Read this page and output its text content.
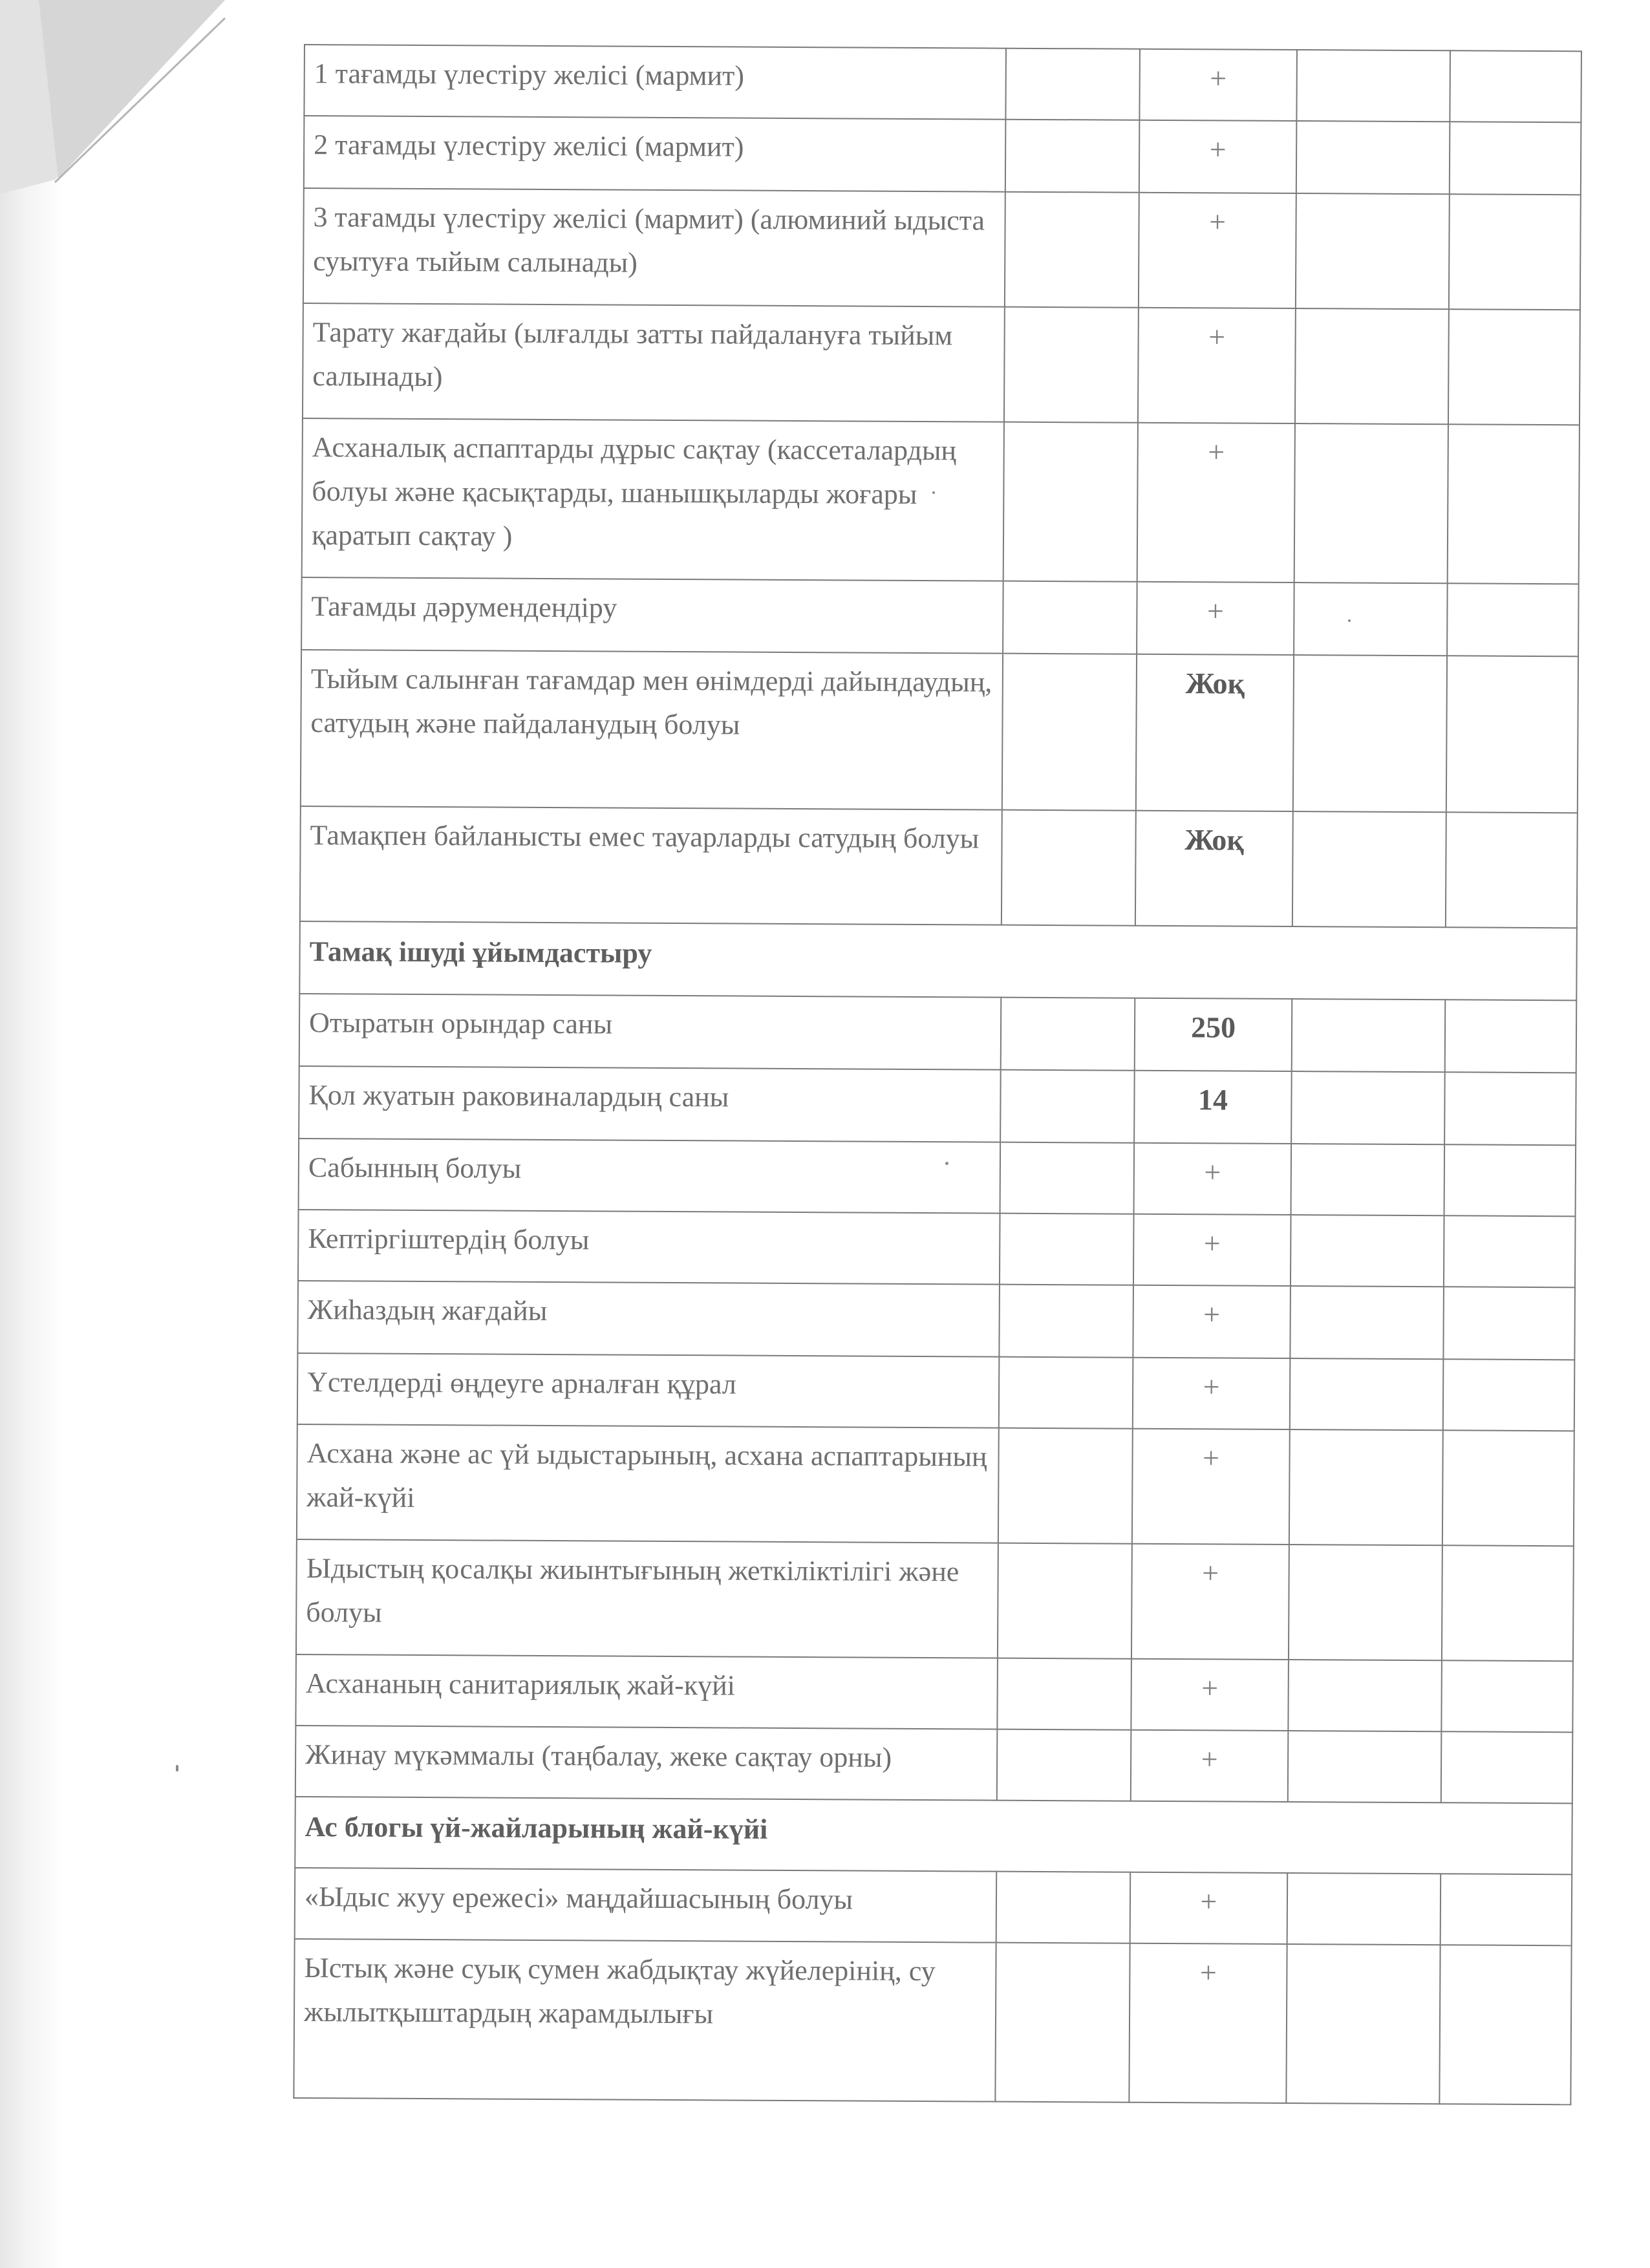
1 тағамды үлестіру желісі (мармит)		+		
2 тағамды үлестіру желісі (мармит)		+		
3 тағамды үлестіру желісі (мармит) (алюминий ыдыста суытуға тыйым салынады)		+		
Тарату жағдайы (ылғалды затты пайдалануға тыйым салынады)		+		
Асханалық аспаптарды дұрыс сақтау (кассеталардың болуы және қасықтарды, шанышқыларды жоғары қаратып сақтау )		+		
Тағамды дәрумендендіру		+		
Тыйым салынған тағамдар мен өнімдерді дайындаудың, сатудың және пайдаланудың болуы		Жоқ		
Тамақпен байланысты емес тауарларды сатудың болуы		Жоқ		
Тамақ ішуді ұйымдастыру				
Отыратын орындар саны		250		
Қол жуатын раковиналардың саны		14		
Сабынның болуы		+		
Кептіргіштердің болуы		+		
Жиһаздың жағдайы		+		
Үстелдерді өңдеуге арналған құрал		+		
Асхана және ас үй ыдыстарының, асхана аспаптарының жай-күйі		+		
Ыдыстың қосалқы жиынтығының жеткіліктілігі және болуы		+		
Асхананың санитариялық жай-күйі		+		
Жинау мүкәммалы (таңбалау, жеке сақтау орны)		+		
Ас блогы үй-жайларының жай-күйі				
«Ыдыс жуу ережесі» маңдайшасының болуы		+		
Ыстық және суық сумен жабдықтау жүйелерінің, су жылытқыштардың жарамдылығы		+		
